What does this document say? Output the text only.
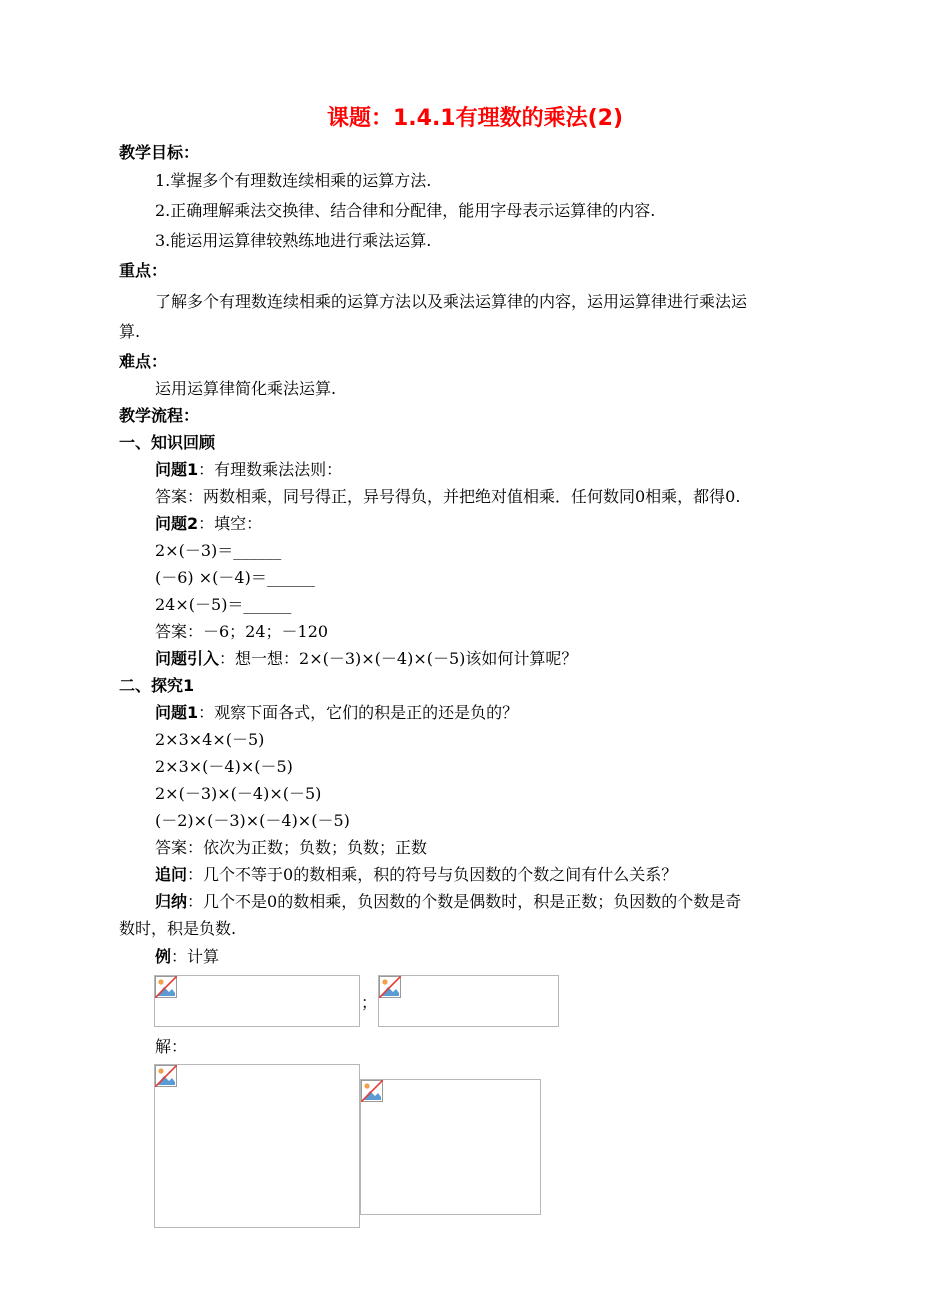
课题：1.4.1有理数的乘法(2)
教学目标：
1.掌握多个有理数连续相乘的运算方法.
2.正确理解乘法交换律、结合律和分配律，能用字母表示运算律的内容.
3.能运用运算律较熟练地进行乘法运算.
重点：
了解多个有理数连续相乘的运算方法以及乘法运算律的内容，运用运算律进行乘法运
算.
难点：
运用运算律简化乘法运算.
教学流程：
一、知识回顾
问题1：有理数乘法法则：
答案：两数相乘，同号得正，异号得负，并把绝对值相乘．任何数同0相乘，都得0.
问题2：填空：
2×(－3)＝______
(－6) ×(－4)＝______
24×(－5)＝______
答案：－6；24；－120
问题引入：想一想：2×(－3)×(－4)×(－5)该如何计算呢？
二、探究1
问题1：观察下面各式，它们的积是正的还是负的？
2×3×4×(－5)
2×3×(－4)×(－5)
2×(－3)×(－4)×(－5)
(－2)×(－3)×(－4)×(－5)
答案：依次为正数；负数；负数；正数
追问：几个不等于0的数相乘，积的符号与负因数的个数之间有什么关系？
归纳：几个不是0的数相乘，负因数的个数是偶数时，积是正数；负因数的个数是奇
数时，积是负数.
例：计算
；
解：
